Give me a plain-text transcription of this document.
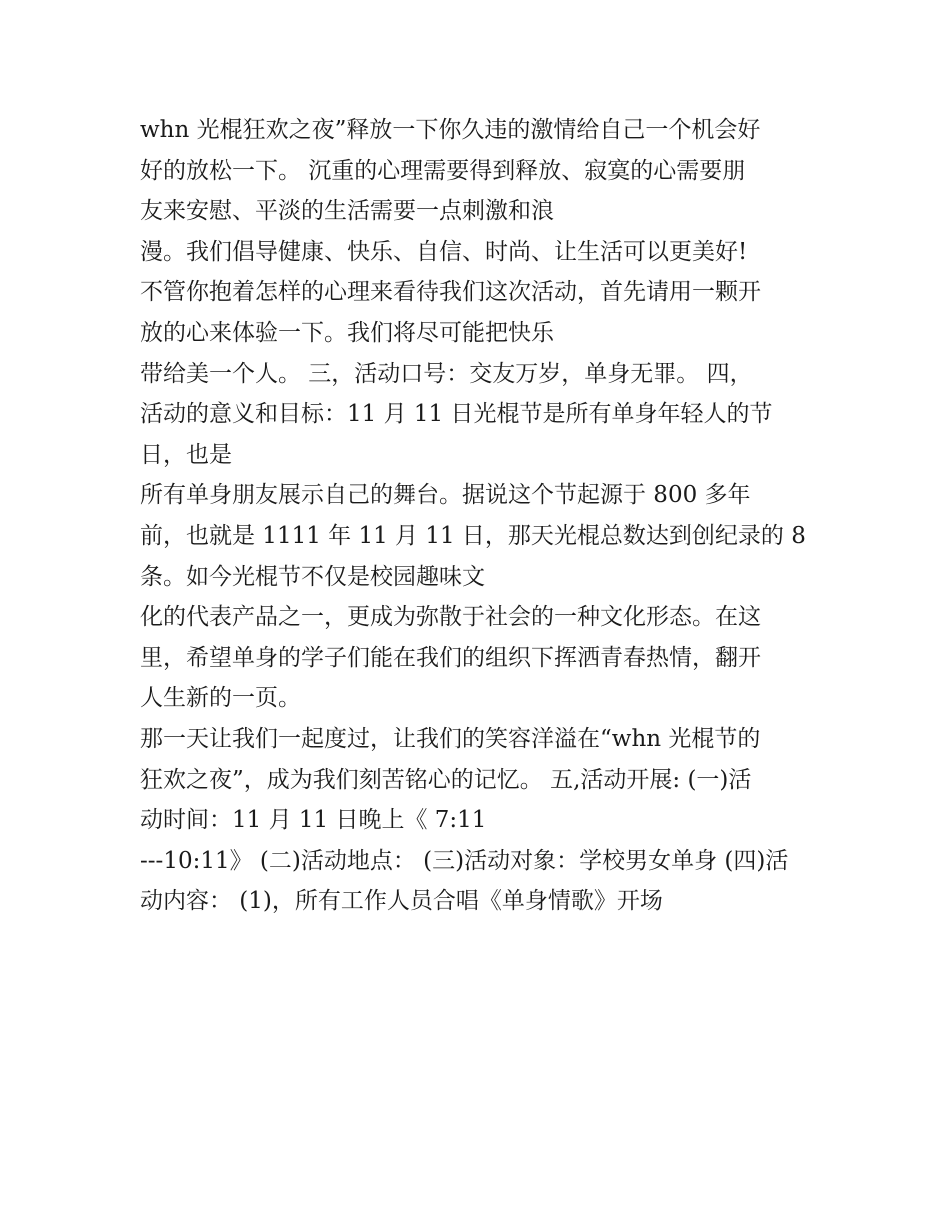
whn 光棍狂欢之夜”释放一下你久违的激情给自己一个机会好
好的放松一下。 沉重的心理需要得到释放、寂寞的心需要朋
友来安慰、平淡的生活需要一点刺激和浪
漫。我们倡导健康、快乐、自信、时尚、让生活可以更美好!
不管你抱着怎样的心理来看待我们这次活动，首先请用一颗开
放的心来体验一下。我们将尽可能把快乐
带给美一个人。 三，活动口号：交友万岁，单身无罪。 四，
活动的意义和目标：11 月 11 日光棍节是所有单身年轻人的节
日，也是
所有单身朋友展示自己的舞台。据说这个节起源于 800 多年
前，也就是 1111 年 11 月 11 日，那天光棍总数达到创纪录的 8
条。如今光棍节不仅是校园趣味文
化的代表产品之一，更成为弥散于社会的一种文化形态。在这
里，希望单身的学子们能在我们的组织下挥洒青春热情，翻开
人生新的一页。
那一天让我们一起度过，让我们的笑容洋溢在“whn 光棍节的
狂欢之夜”，成为我们刻苦铭心的记忆。 五,活动开展: (一)活
动时间：11 月 11 日晚上《 7:11
---10:11》 (二)活动地点： (三)活动对象：学校男女单身 (四)活
动内容： (1)，所有工作人员合唱《单身情歌》开场
